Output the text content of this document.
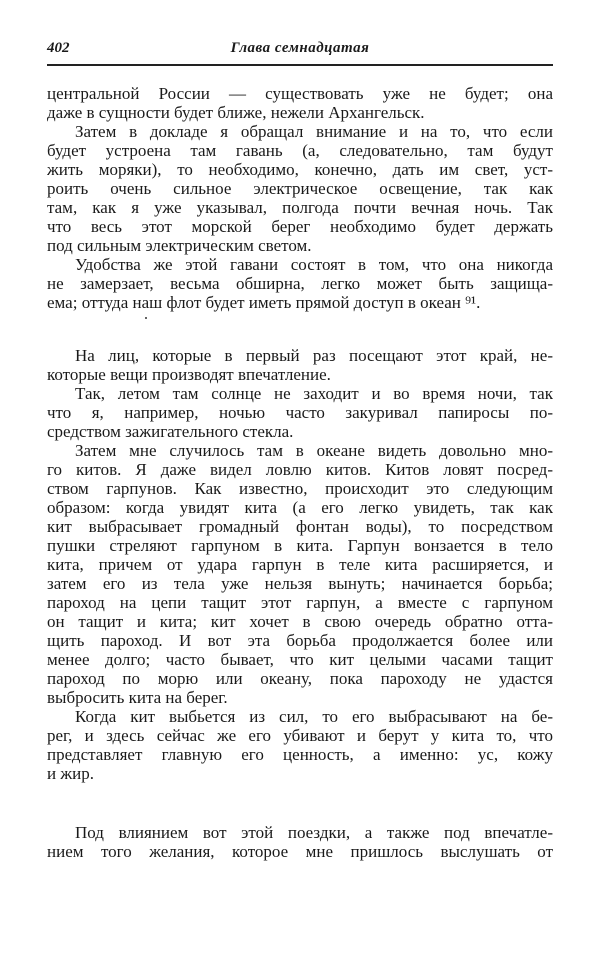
402	Глава семнадцатая
центральной России — существовать уже не будет; она
даже в сущности будет ближе, нежели Архангельск.
Затем в докладе я обращал внимание и на то, что если
будет устроена там гавань (а, следовательно, там будут
жить моряки), то необходимо, конечно, дать им свет, уст-
роить очень сильное электрическое освещение, так как
там, как я уже указывал, полгода почти вечная ночь. Так
что весь этот морской берег необходимо будет держать
под сильным электрическим светом.
Удобства же этой гавани состоят в том, что она никогда
не замерзает, весьма обширна, легко может быть защища-
ема; оттуда наш флот будет иметь прямой доступ в океан ⁹¹.
На лиц, которые в первый раз посещают этот край, не-
которые вещи производят впечатление.
Так, летом там солнце не заходит и во время ночи, так
что я, например, ночью часто закуривал папиросы по-
средством зажигательного стекла.
Затем мне случилось там в океане видеть довольно мно-
го китов. Я даже видел ловлю китов. Китов ловят посред-
ством гарпунов. Как известно, происходит это следующим
образом: когда увидят кита (а его легко увидеть, так как
кит выбрасывает громадный фонтан воды), то посредством
пушки стреляют гарпуном в кита. Гарпун вонзается в тело
кита, причем от удара гарпун в теле кита расширяется, и
затем его из тела уже нельзя вынуть; начинается борьба;
пароход на цепи тащит этот гарпун, а вместе с гарпуном
он тащит и кита; кит хочет в свою очередь обратно отта-
щить пароход. И вот эта борьба продолжается более или
менее долго; часто бывает, что кит целыми часами тащит
пароход по морю или океану, пока пароходу не удастся
выбросить кита на берег.
Когда кит выбьется из сил, то его выбрасывают на бе-
рег, и здесь сейчас же его убивают и берут у кита то, что
представляет главную его ценность, а именно: ус, кожу
и жир.
Под влиянием вот этой поездки, а также под впечатле-
нием того желания, которое мне пришлось выслушать от
